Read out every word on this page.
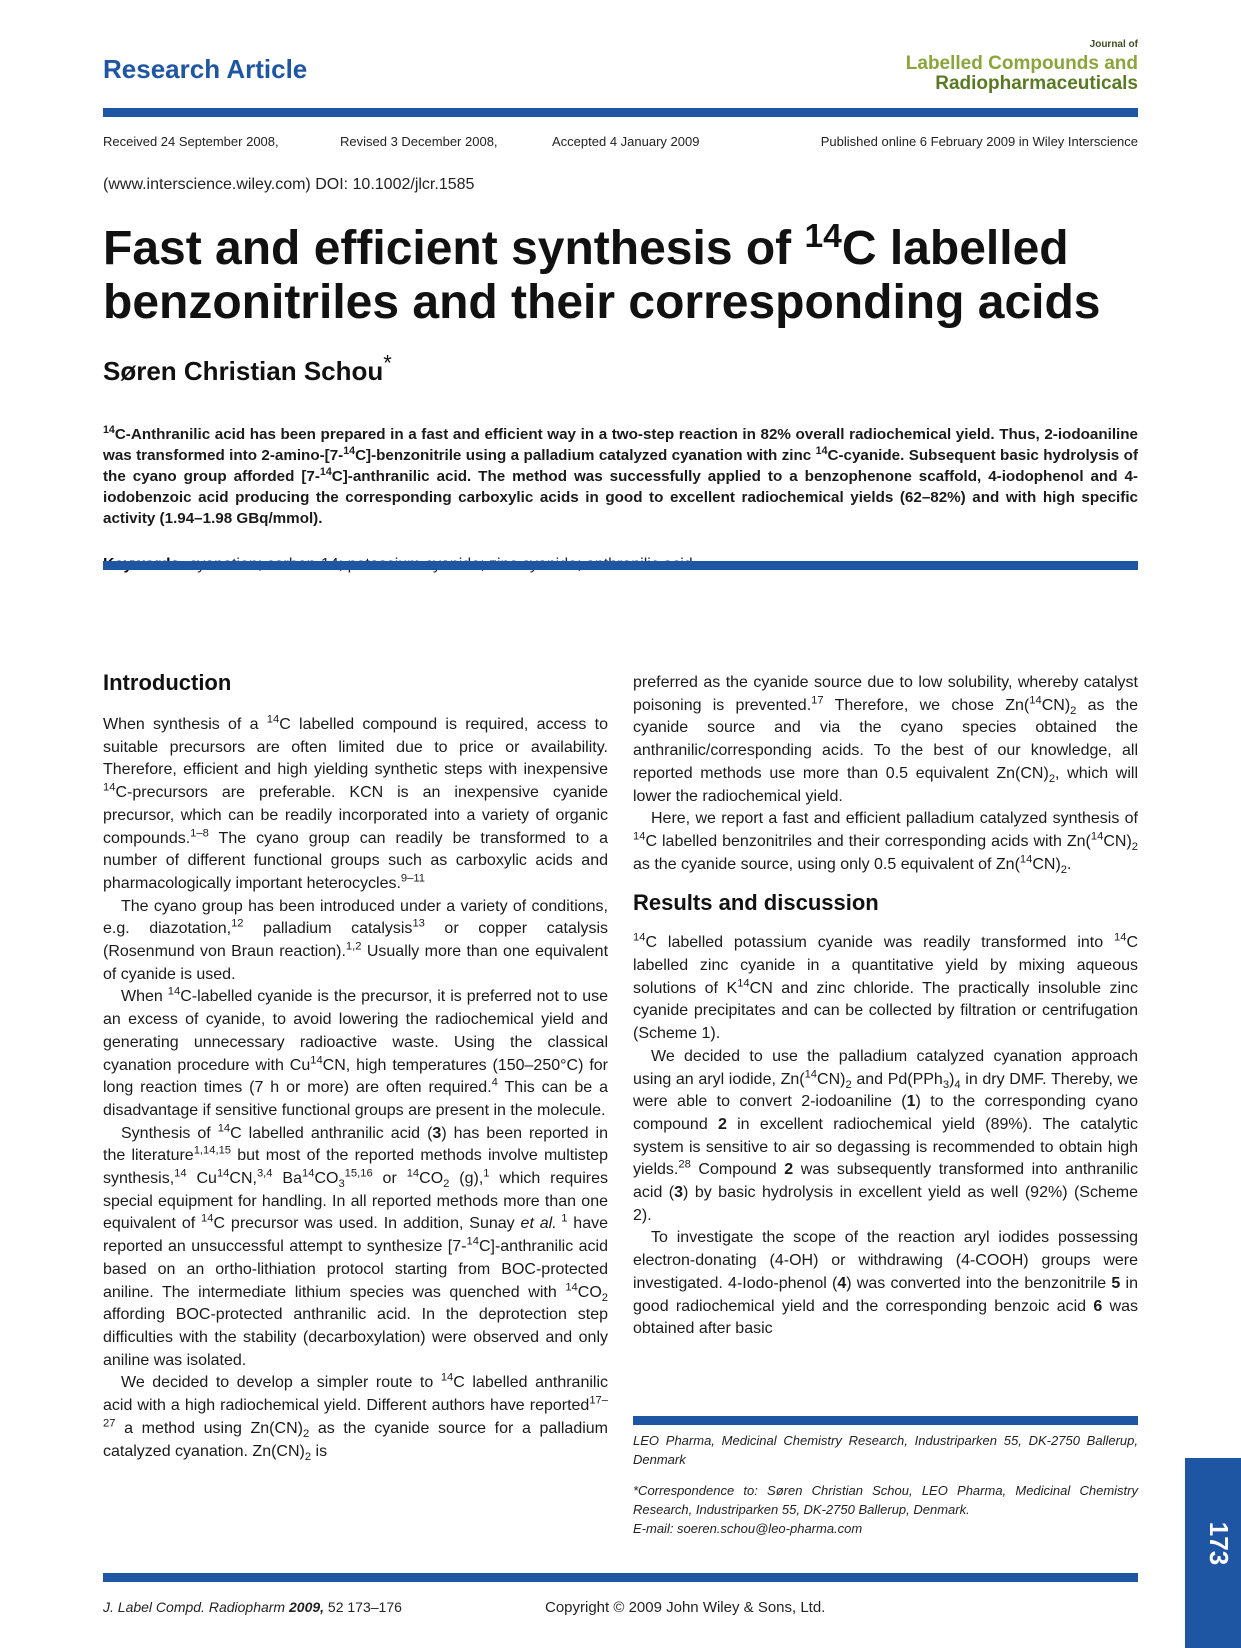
Research Article
Journal of
Labelled Compounds and
Radiopharmaceuticals
Received 24 September 2008,	Revised 3 December 2008,	Accepted 4 January 2009	Published online 6 February 2009 in Wiley Interscience
(www.interscience.wiley.com) DOI: 10.1002/jlcr.1585
Fast and efficient synthesis of $^{14}$C labelled benzonitriles and their corresponding acids
Søren Christian Schou*

$^{14}$C-Anthranilic acid has been prepared in a fast and efficient way in a two-step reaction in 82% overall radiochemical yield. Thus, 2-iodoaniline was transformed into 2-amino-[7-$^{14}$C]-benzonitrile using a palladium catalyzed cyanation with zinc $^{14}$C-cyanide. Subsequent basic hydrolysis of the cyano group afforded [7-$^{14}$C]-anthranilic acid. The method was successfully applied to a benzophenone scaffold, 4-iodophenol and 4-iodobenzoic acid producing the corresponding carboxylic acids in good to excellent radiochemical yields (62–82%) and with high specific activity (1.94–1.98 GBq/mmol).

Introduction

When synthesis of a $^{14}$C labelled compound is required, access to suitable precursors are often limited due to price or availability. Therefore, efficient and high yielding synthetic steps with inexpensive $^{14}$C-precursors are preferable. KCN is an inexpensive cyanide precursor, which can be readily incorporated into a variety of organic compounds.$^{1-8}$ The cyano group can readily be transformed to a number of different functional groups such as carboxylic acids and pharmacologically important heterocycles.$^{9-11}$

The cyano group has been introduced under a variety of conditions, e.g. diazotation,$^{12}$ palladium catalysis$^{13}$ or copper catalysis (Rosenmund von Braun reaction).$^{1,2}$ Usually more than one equivalent of cyanide is used.

When $^{14}$C-labelled cyanide is the precursor, it is preferred not to use an excess of cyanide, to avoid lowering the radiochemical yield and generating unnecessary radioactive waste. Using the classical cyanation procedure with Cu$^{14}$CN, high temperatures (150–250°C) for long reaction times (7 h or more) are often required.$^4$ This can be a disadvantage if sensitive functional groups are present in the molecule.

Synthesis of $^{14}$C labelled anthranilic acid (3) has been reported in the literature$^{1,14,15}$ but most of the reported methods involve multistep synthesis,$^{14}$ Cu$^{14}$CN,$^{3,4}$ $Ba^{14}CO_3^{15,16}$ or $^{14}CO_2$ (g),$^1$ which requires special equipment for handling. In all reported methods more than one equivalent of $^{14}$C precursor was used. In addition, Sunay et al. $^1$ have reported an unsuccessful attempt to synthesize [7-$^{14}$C]-anthranilic acid based on an ortho-lithiation protocol starting from BOC-protected aniline. The intermediate lithium species was quenched with $^{14}CO_2$ affording BOC-protected anthranilic acid. In the deprotection step difficulties with the stability (decarboxylation) were observed and only aniline was isolated.

We decided to develop a simpler route to $^{14}$C labelled anthranilic acid with a high radiochemical yield. Different authors have reported$^{17-27}$ a method using $Zn(CN)_2$ as the cyanide source for a palladium catalyzed cyanation. $Zn(CN)_2$ is

preferred as the cyanide source due to low solubility, whereby catalyst poisoning is prevented.$^{17}$ Therefore, we chose $Zn(^{14}CN)_2$ as the cyanide source and via the cyano species obtained the anthranilic/corresponding acids. To the best of our knowledge, all reported methods use more than 0.5 equivalent $Zn(CN)_2$, which will lower the radiochemical yield.

Here, we report a fast and efficient palladium catalyzed synthesis of $^{14}$C labelled benzonitriles and their corresponding acids with $Zn(^{14}CN)_2$ as the cyanide source, using only 0.5 equivalent of $Zn(^{14}CN)_2$.

Results and discussion

$^{14}$C labelled potassium cyanide was readily transformed into $^{14}$C labelled zinc cyanide in a quantitative yield by mixing aqueous solutions of $K^{14}CN$ and zinc chloride. The practically insoluble zinc cyanide precipitates and can be collected by filtration or centrifugation (Scheme 1).

We decided to use the palladium catalyzed cyanation approach using an aryl iodide, $Zn(^{14}CN)_2$ and $Pd(PPh_3)_4$ in dry DMF. Thereby, we were able to convert 2-iodoaniline (1) to the corresponding cyano compound 2 in excellent radiochemical yield (89%). The catalytic system is sensitive to air so degassing is recommended to obtain high yields.$^{28}$ Compound 2 was subsequently transformed into anthranilic acid (3) by basic hydrolysis in excellent yield as well (92%) (Scheme 2).

To investigate the scope of the reaction aryl iodides possessing electron-donating (4-OH) or withdrawing (4-COOH) groups were investigated. 4-Iodo-phenol (4) was converted into the benzonitrile 5 in good radiochemical yield and the corresponding benzoic acid 6 was obtained after basic

LEO Pharma, Medicinal Chemistry Research, Industriparken 55, DK-2750 Ballerup, Denmark

*Correspondence to: Søren Christian Schou, LEO Pharma, Medicinal Chemistry Research, Industriparken 55, DK-2750 Ballerup, Denmark.
E-mail: soeren.schou@leo-pharma.com	173
J. Label Compd. Radiopharm 2009, 52 173–176	Copyright © 2009 John Wiley & Sons, Ltd.
